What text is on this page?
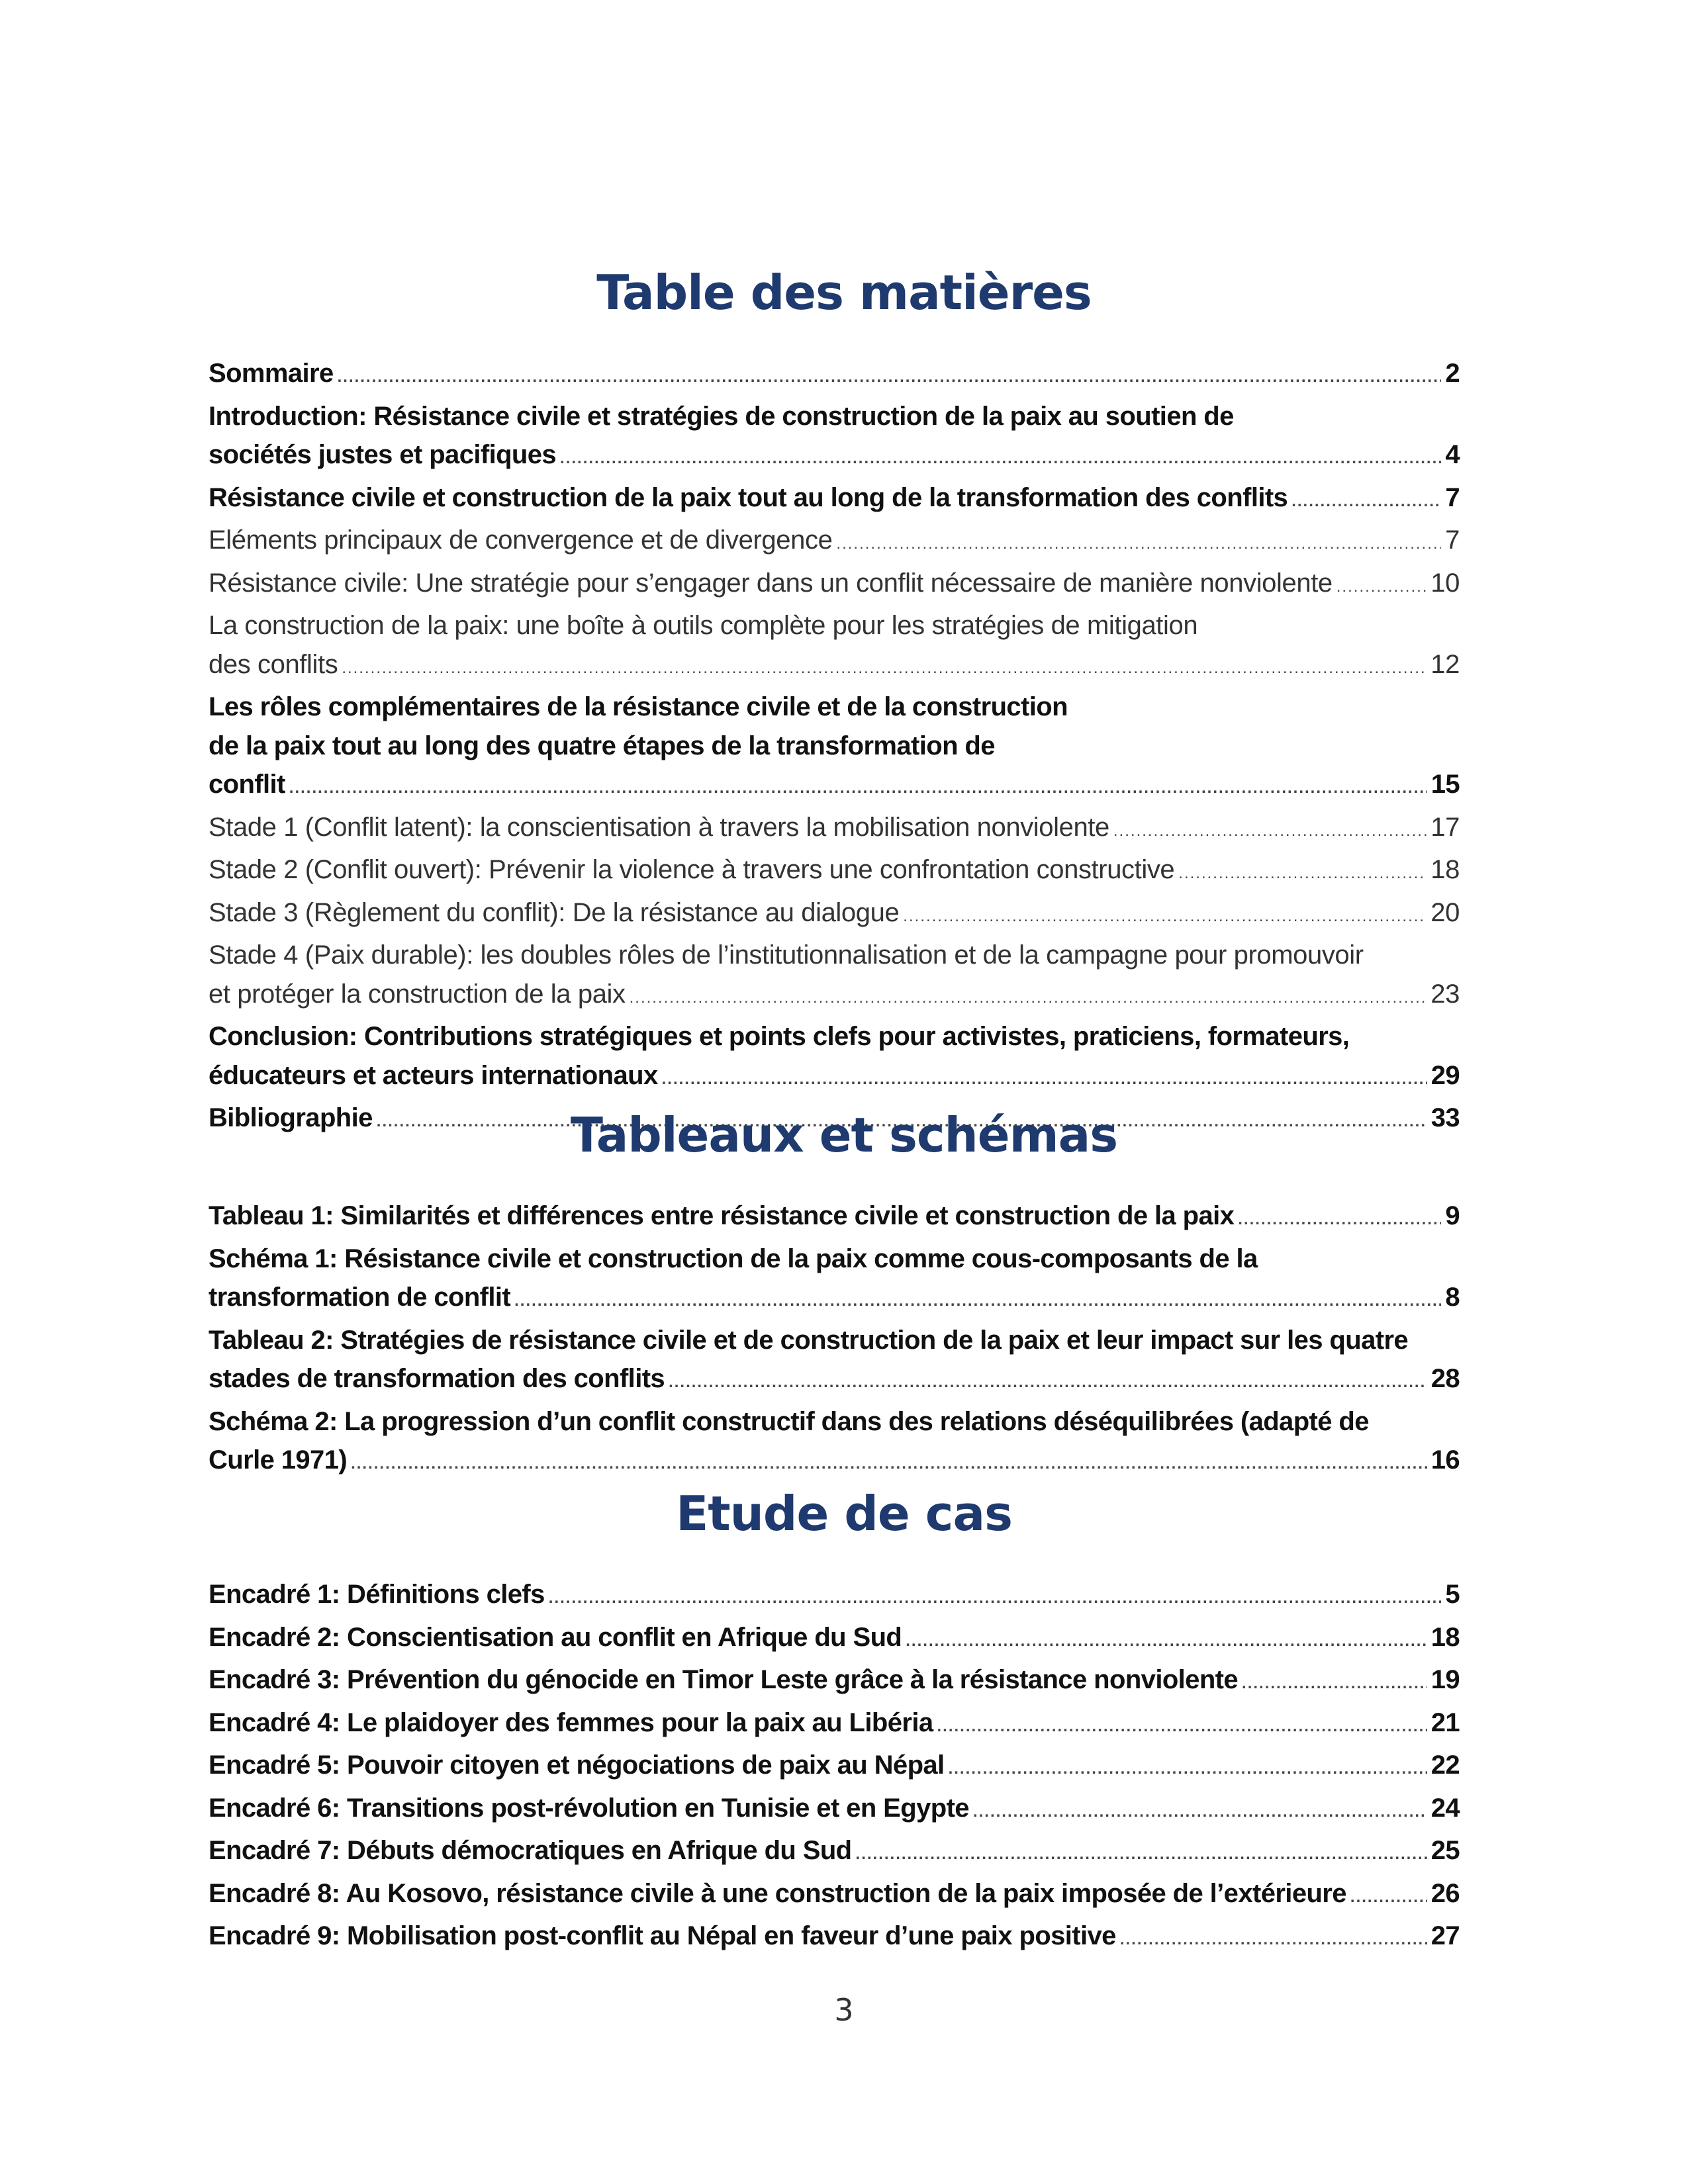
Table des matières
Sommaire .....	2
Introduction: Résistance civile et stratégies de construction de la paix au soutien de
sociétés justes et pacifiques .....	4
Résistance civile et construction de la paix tout au long de la transformation des conflits .....	7
Eléments principaux de convergence et de divergence .....	7
Résistance civile: Une stratégie pour s’engager dans un conflit nécessaire de manière nonviolente .....	10
La construction de la paix: une boîte à outils complète pour les stratégies de mitigation
des conflits .....	12
Les rôles complémentaires de la résistance civile et de la construction
de la paix tout au long des quatre étapes de la transformation de
conflit .....	15
Stade 1 (Conflit latent): la conscientisation à travers la mobilisation nonviolente .....	17
Stade 2 (Conflit ouvert): Prévenir la violence à travers une confrontation constructive .....	18
Stade 3 (Règlement du conflit): De la résistance au dialogue .....	20
Stade 4 (Paix durable): les doubles rôles de l’institutionnalisation et de la campagne pour promouvoir
et protéger la construction de la paix .....	23
Conclusion: Contributions stratégiques et points clefs pour activistes, praticiens, formateurs,
éducateurs et acteurs internationaux .....	29
Bibliographie .....	33
Tableaux et schémas
Tableau 1: Similarités et différences entre résistance civile et construction de la paix .....	9
Schéma 1: Résistance civile et construction de la paix comme cous-composants de la
transformation de conflit .....	8
Tableau 2: Stratégies de résistance civile et de construction de la paix et leur impact sur les quatre
stades de transformation des conflits .....	28
Schéma 2: La progression d’un conflit constructif dans des relations déséquilibrées (adapté de
Curle 1971) .....	16
Etude de cas
Encadré 1: Définitions clefs .....	5
Encadré 2: Conscientisation au conflit en Afrique du Sud .....	18
Encadré 3: Prévention du génocide en Timor Leste grâce à la résistance nonviolente .....	19
Encadré 4: Le plaidoyer des femmes pour la paix au Libéria .....	21
Encadré 5: Pouvoir citoyen et négociations de paix au Népal .....	22
Encadré 6: Transitions post-révolution en Tunisie et en Egypte .....	24
Encadré 7: Débuts démocratiques en Afrique du Sud .....	25
Encadré 8: Au Kosovo, résistance civile à une construction de la paix imposée de l’extérieure .....	26
Encadré 9: Mobilisation post-conflit au Népal en faveur d’une paix positive .....	27
3
